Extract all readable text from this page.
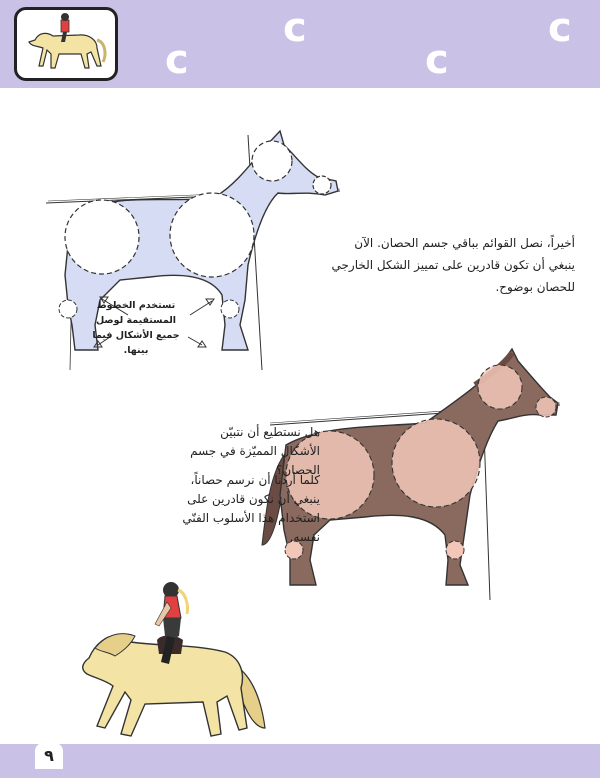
c
c
c
c
تستخدم الخطوط المستقيمة لوصل جميع الأشكال فيما بينها.
أخيراً، نصل القوائم بباقي جسم الحصان. الآن ينبغي أن تكون قادرين على تمييز الشكل الخارجي للحصان بوضوح.
هل نستطيع أن نتبيّن الأشكال المميّزة في جسم الحصان؟
كلما أردنا أن نرسم حصاناً، ينبغي أن نكون قادرين على استخدام هذا الأسلوب الفنّي نفسه.
٩
